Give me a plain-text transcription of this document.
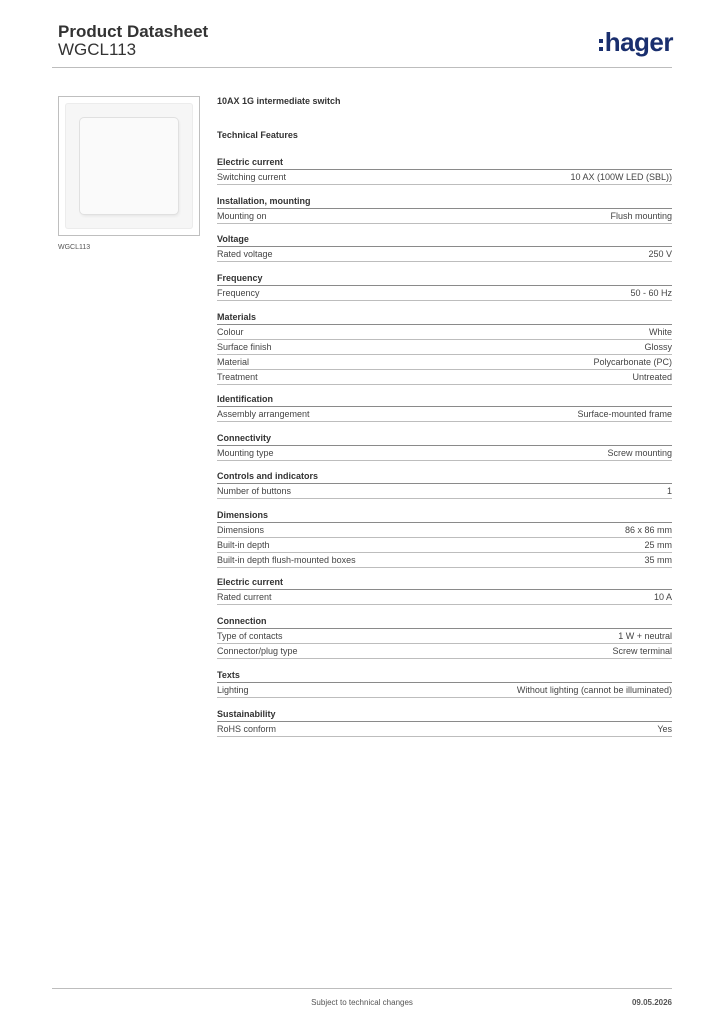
Product Datasheet
WGCL113	hager
WGCL113
10AX 1G intermediate switch
Technical Features
Electric current
Switching current	10 AX (100W LED (SBL))
Installation, mounting
Mounting on	Flush mounting
Voltage
Rated voltage	250 V
Frequency
Frequency	50 - 60 Hz
Materials
Colour	White
Surface finish	Glossy
Material	Polycarbonate (PC)
Treatment	Untreated
Identification
Assembly arrangement	Surface-mounted frame
Connectivity
Mounting type	Screw mounting
Controls and indicators
Number of buttons	1
Dimensions
Dimensions	86 x 86 mm
Built-in depth	25 mm
Built-in depth flush-mounted boxes	35 mm
Electric current
Rated current	10 A
Connection
Type of contacts	1 W + neutral
Connector/plug type	Screw terminal
Texts
Lighting	Without lighting (cannot be illuminated)
Sustainability
RoHS conform	Yes
Subject to technical changes	09.05.2026
